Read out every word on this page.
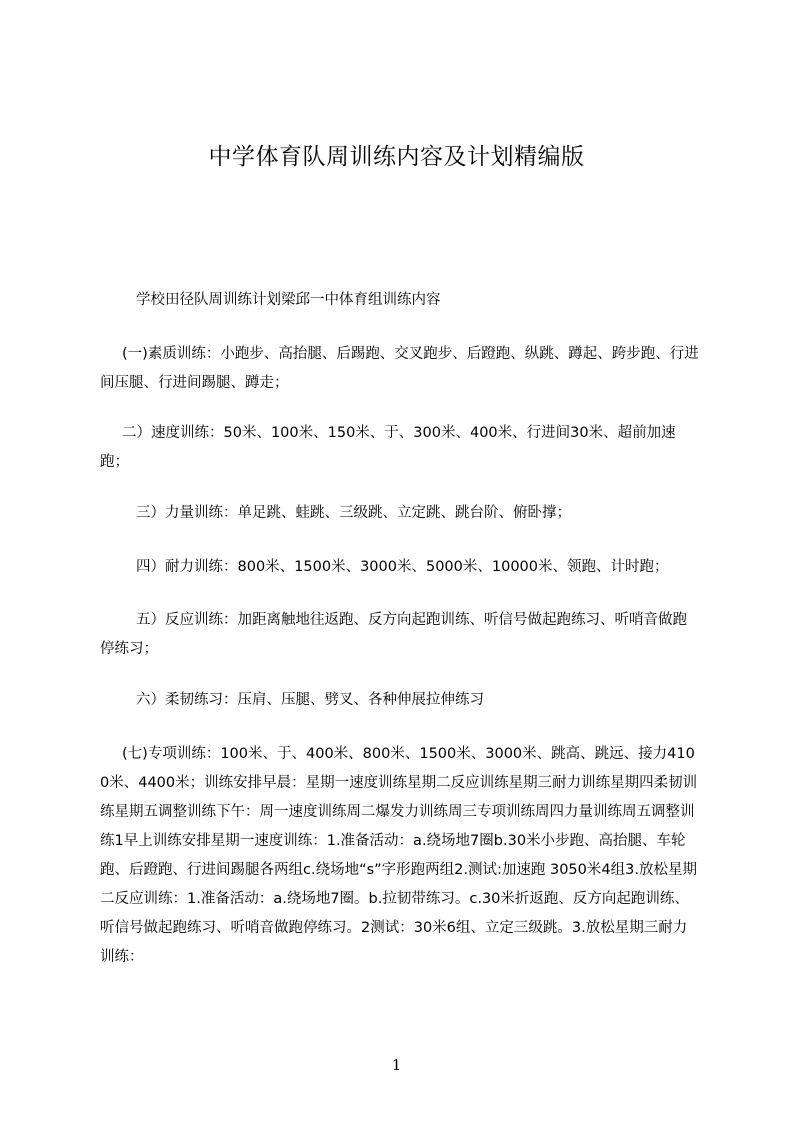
中学体育队周训练内容及计划精编版

学校田径队周训练计划梁邱一中体育组训练内容

(一)素质训练：小跑步、高抬腿、后踢跑、交叉跑步、后蹬跑、纵跳、蹲起、跨步跑、行进间压腿、行进间踢腿、蹲走；

二）速度训练：50米、100米、150米、于、300米、400米、行进间30米、超前加速跑；

三）力量训练：单足跳、蛙跳、三级跳、立定跳、跳台阶、俯卧撑；

四）耐力训练：800米、1500米、3000米、5000米、10000米、领跑、计时跑；

五）反应训练：加距离触地往返跑、反方向起跑训练、听信号做起跑练习、听哨音做跑停练习；

六）柔韧练习：压肩、压腿、劈叉、各种伸展拉伸练习

(七)专项训练：100米、于、400米、800米、1500米、3000米、跳高、跳远、接力4100米、4400米；训练安排早晨：星期一速度训练星期二反应训练星期三耐力训练星期四柔韧训练星期五调整训练下午：周一速度训练周二爆发力训练周三专项训练周四力量训练周五调整训练1早上训练安排星期一速度训练：1.准备活动：a.绕场地7圈b.30米小步跑、高抬腿、车轮跑、后蹬跑、行进间踢腿各两组c.绕场地“s”字形跑两组2.测试:加速跑 3050米4组3.放松星期二反应训练：1.准备活动：a.绕场地7圈。b.拉韧带练习。c.30米折返跑、反方向起跑训练、听信号做起跑练习、听哨音做跑停练习。2测试：30米6组、立定三级跳。3.放松星期三耐力训练：

1
